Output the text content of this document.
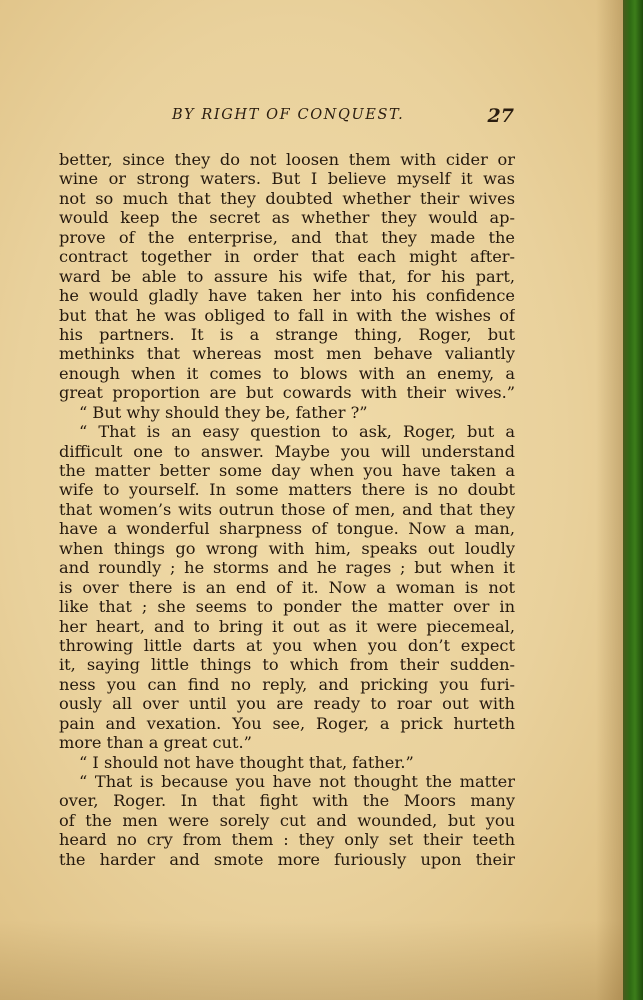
BY RIGHT OF CONQUEST.	27
better, since they do not loosen them with cider or
wine or strong waters. But I believe myself it was
not so much that they doubted whether their wives
would keep the secret as whether they would ap-
prove of the enterprise, and that they made the
contract together in order that each might after-
ward be able to assure his wife that, for his part,
he would gladly have taken her into his confidence
but that he was obliged to fall in with the wishes of
his partners. It is a strange thing, Roger, but
methinks that whereas most men behave valiantly
enough when it comes to blows with an enemy, a
great proportion are but cowards with their wives.”
“ But why should they be, father ?”
“ That is an easy question to ask, Roger, but a
difficult one to answer. Maybe you will understand
the matter better some day when you have taken a
wife to yourself. In some matters there is no doubt
that women’s wits outrun those of men, and that they
have a wonderful sharpness of tongue. Now a man,
when things go wrong with him, speaks out loudly
and roundly ; he storms and he rages ; but when it
is over there is an end of it. Now a woman is not
like that ; she seems to ponder the matter over in
her heart, and to bring it out as it were piecemeal,
throwing little darts at you when you don’t expect
it, saying little things to which from their sudden-
ness you can find no reply, and pricking you furi-
ously all over until you are ready to roar out with
pain and vexation. You see, Roger, a prick hurteth
more than a great cut.”
“ I should not have thought that, father.”
“ That is because you have not thought the matter
over, Roger. In that fight with the Moors many
of the men were sorely cut and wounded, but you
heard no cry from them : they only set their teeth
the harder and smote more furiously upon their
